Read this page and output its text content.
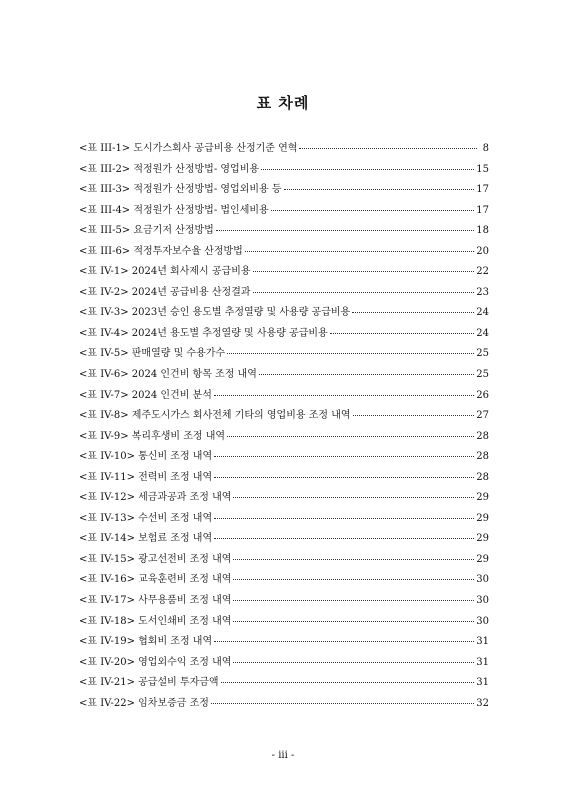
표 차례
<표 III-1> 도시가스회사 공급비용 산정기준 연혁	8
<표 III-2> 적정원가 산정방법- 영업비용	15
<표 III-3> 적정원가 산정방법- 영업외비용 등	17
<표 III-4> 적정원가 산정방법- 법인세비용	17
<표 III-5> 요금기저 산정방법	18
<표 III-6> 적정투자보수율 산정방법	20
<표 IV-1> 2024년 회사제시 공급비용	22
<표 IV-2> 2024년 공급비용 산정결과	23
<표 IV-3> 2023년 승인 용도별 추정열량 및 사용량 공급비용	24
<표 IV-4> 2024년 용도별 추정열량 및 사용량 공급비용	24
<표 IV-5> 판매열량 및 수용가수	25
<표 IV-6> 2024 인건비 항목 조정 내역	25
<표 IV-7> 2024 인건비 분석	26
<표 IV-8> 제주도시가스 회사전체 기타의 영업비용 조정 내역	27
<표 IV-9> 복리후생비 조정 내역	28
<표 IV-10> 통신비 조정 내역	28
<표 IV-11> 전력비 조정 내역	28
<표 IV-12> 세금과공과 조정 내역	29
<표 IV-13> 수선비 조정 내역	29
<표 IV-14> 보험료 조정 내역	29
<표 IV-15> 광고선전비 조정 내역	29
<표 IV-16> 교육훈련비 조정 내역	30
<표 IV-17> 사무용품비 조정 내역	30
<표 IV-18> 도서인쇄비 조정 내역	30
<표 IV-19> 협회비 조정 내역	31
<표 IV-20> 영업외수익 조정 내역	31
<표 IV-21> 공급설비 투자금액	31
<표 IV-22> 임차보증금 조정	32
- iii -
